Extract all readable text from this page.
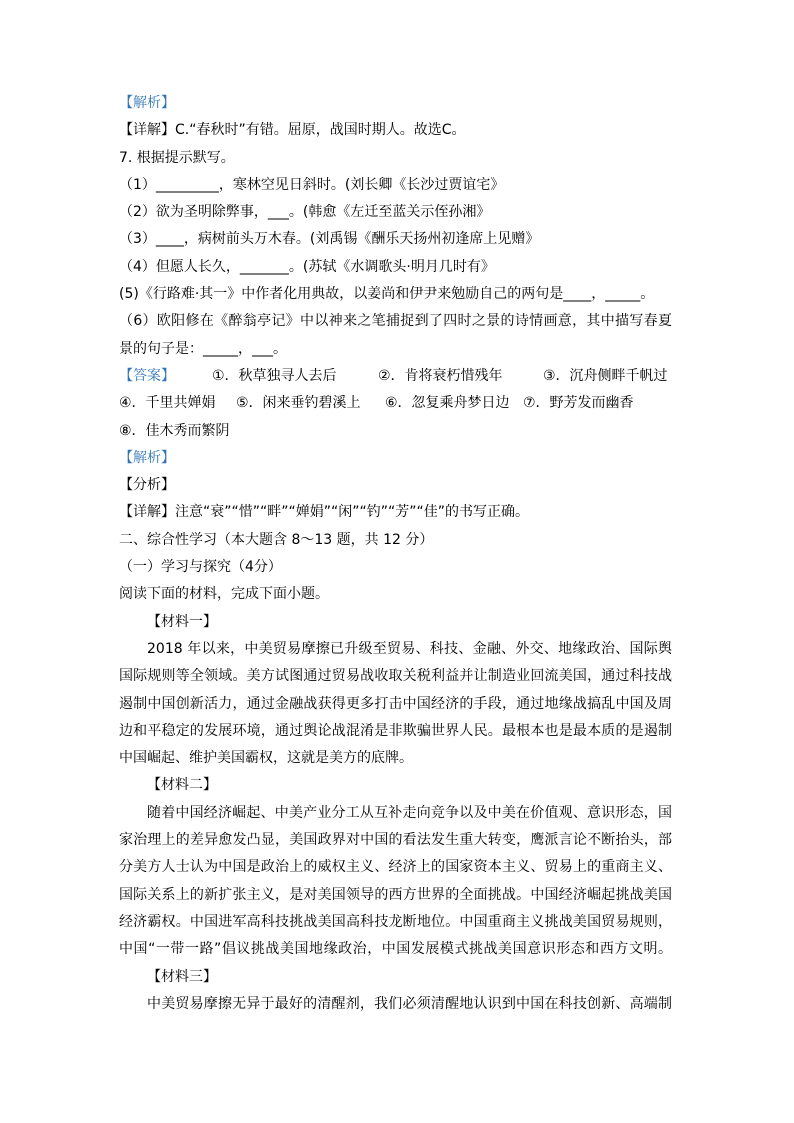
【解析】
【详解】C.“春秋时”有错。屈原，战国时期人。故选C。
7. 根据提示默写。
（1）_________，寒林空见日斜时。(刘长卿《长沙过贾谊宅》
（2）欲为圣明除弊事，___。(韩愈《左迁至蓝关示侄孙湘》
（3）____，病树前头万木春。(刘禹锡《酬乐天扬州初逢席上见赠》
（4）但愿人长久，_______。(苏轼《水调歌头·明月几时有》
(5)《行路难·其一》中作者化用典故，以姜尚和伊尹来勉励自己的两句是____，_____。
（6）欧阳修在《醉翁亭记》中以神来之笔捕捉到了四时之景的诗情画意，其中描写春夏
景的句子是：_____，___。
【答案】	①．秋草独寻人去后	②．肯将衰朽惜残年	③．沉舟侧畔千帆过
④．千里共婵娟 ⑤．闲来垂钓碧溪上 ⑥．忽复乘舟梦日边 ⑦．野芳发而幽香
⑧．佳木秀而繁阴
【解析】
【分析】
【详解】注意“衰”“惜”“畔”“婵娟”“闲”“钓”“芳”“佳”的书写正确。
二、综合性学习（本大题含 8～13 题，共 12 分）
（一）学习与探究（4分）
阅读下面的材料，完成下面小题。
【材料一】
2018 年以来，中美贸易摩擦已升级至贸易、科技、金融、外交、地缘政治、国际舆
国际规则等全领域。美方试图通过贸易战收取关税利益并让制造业回流美国，通过科技战
遏制中国创新活力，通过金融战获得更多打击中国经济的手段，通过地缘战搞乱中国及周
边和平稳定的发展环境，通过舆论战混淆是非欺骗世界人民。最根本也是最本质的是遏制
中国崛起、维护美国霸权，这就是美方的底牌。
【材料二】
随着中国经济崛起、中美产业分工从互补走向竞争以及中美在价值观、意识形态，国
家治理上的差异愈发凸显，美国政界对中国的看法发生重大转变，鹰派言论不断抬头，部
分美方人士认为中国是政治上的威权主义、经济上的国家资本主义、贸易上的重商主义、
国际关系上的新扩张主义，是对美国领导的西方世界的全面挑战。中国经济崛起挑战美国
经济霸权。中国进军高科技挑战美国高科技龙断地位。中国重商主义挑战美国贸易规则，
中国“一带一路”倡议挑战美国地缘政治，中国发展模式挑战美国意识形态和西方文明。
【材料三】
中美贸易摩擦无异于最好的清醒剂，我们必须清醒地认识到中国在科技创新、高端制
